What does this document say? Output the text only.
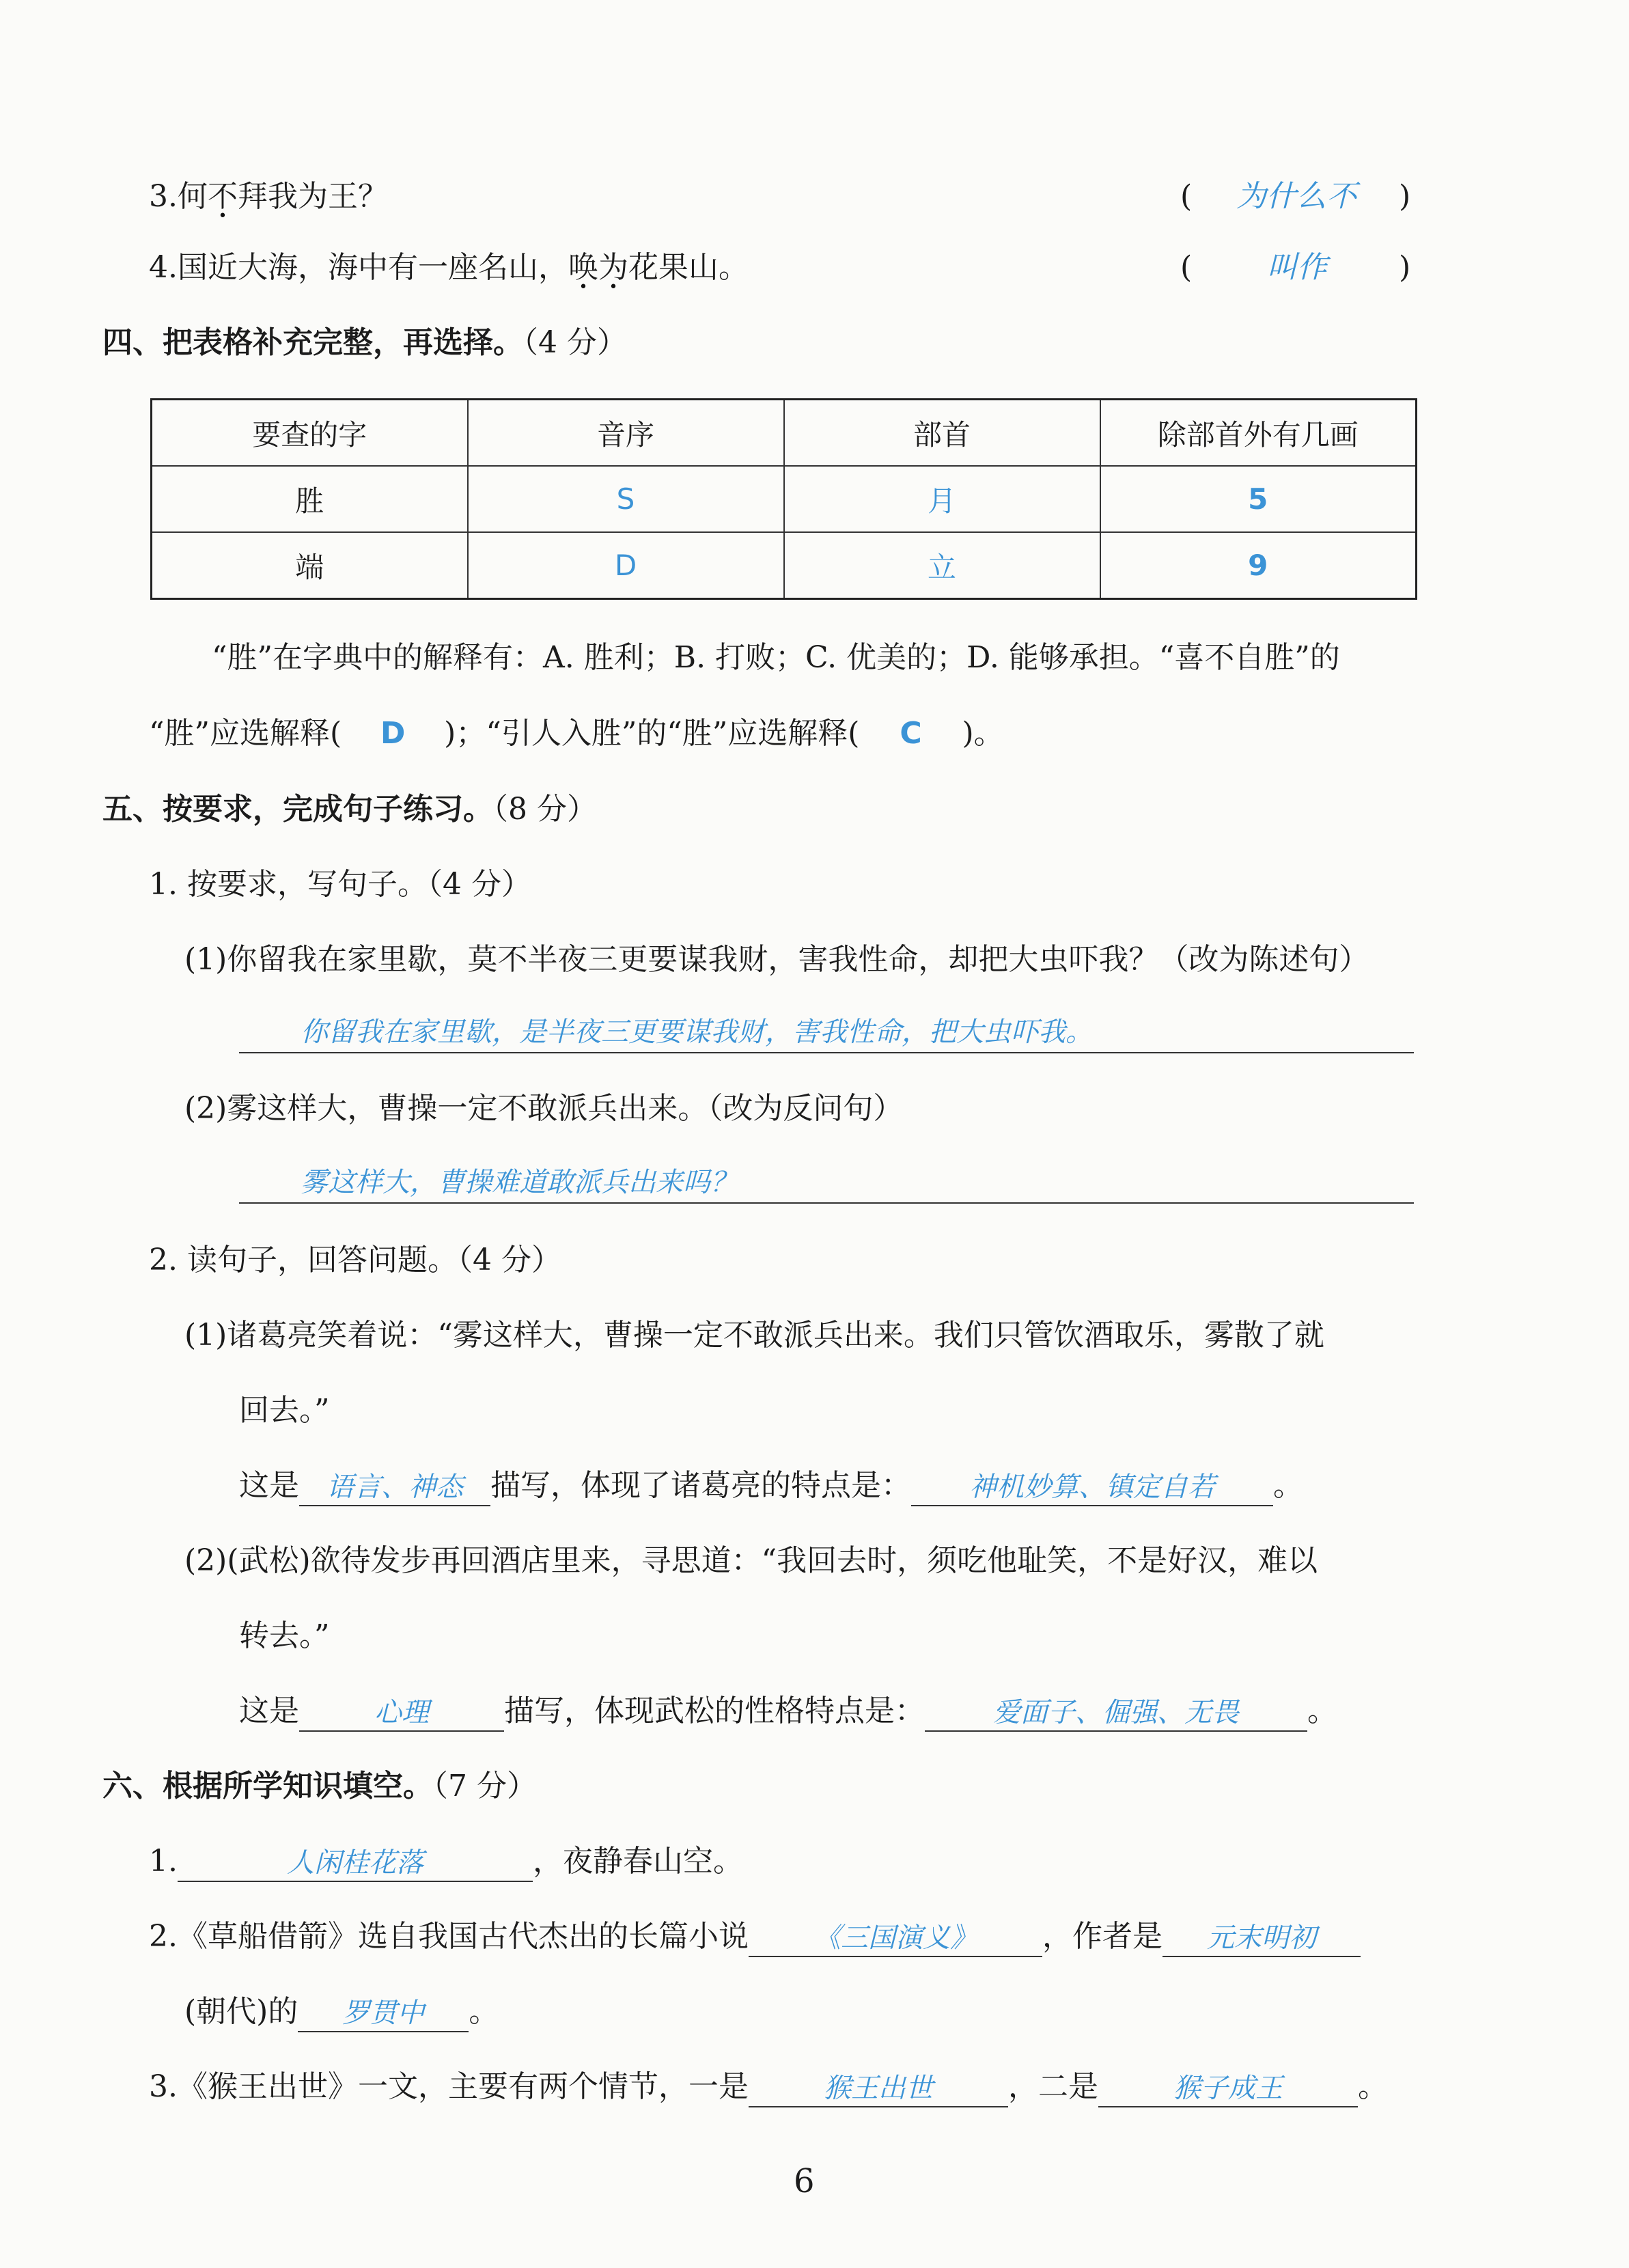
3.何不拜我为王？	( 为什么不 )
4.国近大海，海中有一座名山，唤为花果山。	( 叫作 )
四、把表格补充完整，再选择。（4 分）
要查的字	音序	部首	除部首外有几画
胜	S	月	5
端	D	立	9
“胜”在字典中的解释有：A. 胜利；B. 打败；C. 优美的；D. 能够承担。“喜不自胜”的
“胜”应选解释( D )；“引人入胜”的“胜”应选解释( C )。
五、按要求，完成句子练习。（8 分）
1. 按要求，写句子。（4 分）
(1)你留我在家里歇，莫不半夜三更要谋我财，害我性命，却把大虫吓我？（改为陈述句）
你留我在家里歇，是半夜三更要谋我财，害我性命，把大虫吓我。
(2)雾这样大，曹操一定不敢派兵出来。（改为反问句）
雾这样大，曹操难道敢派兵出来吗？
2. 读句子，回答问题。（4 分）
(1)诸葛亮笑着说：“雾这样大，曹操一定不敢派兵出来。我们只管饮酒取乐，雾散了就
回去。”
这是 语言、神态 描写，体现了诸葛亮的特点是： 神机妙算、镇定自若 。
(2)(武松)欲待发步再回酒店里来，寻思道：“我回去时，须吃他耻笑，不是好汉，难以
转去。”
这是	心理	描写，体现武松的性格特点是：	爱面子、倔强、无畏 。
六、根据所学知识填空。（7 分）
1.	人闲桂花落	，夜静春山空。
2.《草船借箭》选自我国古代杰出的长篇小说 《三国演义》 ，作者是 元末明初
(朝代)的 罗贯中 。
3.《猴王出世》一文，主要有两个情节，一是	猴王出世	，二是	猴子成王	。
6
